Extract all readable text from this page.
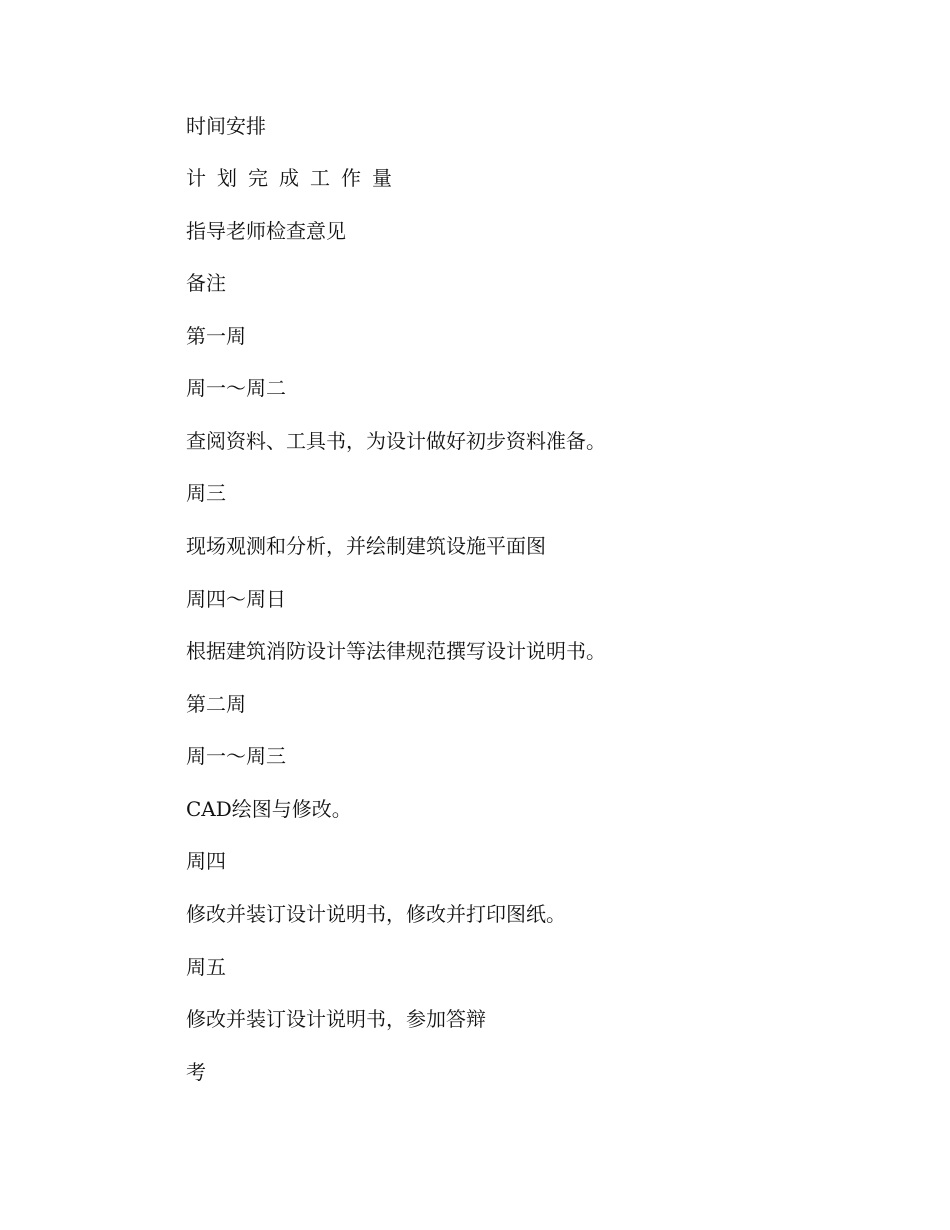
时间安排

计划完成工作量

指导老师检查意见

备注

第一周

周一～周二

查阅资料、工具书，为设计做好初步资料准备。

周三

现场观测和分析，并绘制建筑设施平面图

周四～周日

根据建筑消防设计等法律规范撰写设计说明书。

第二周

周一～周三

CAD绘图与修改。

周四

修改并装订设计说明书，修改并打印图纸。

周五

修改并装订设计说明书，参加答辩

考
